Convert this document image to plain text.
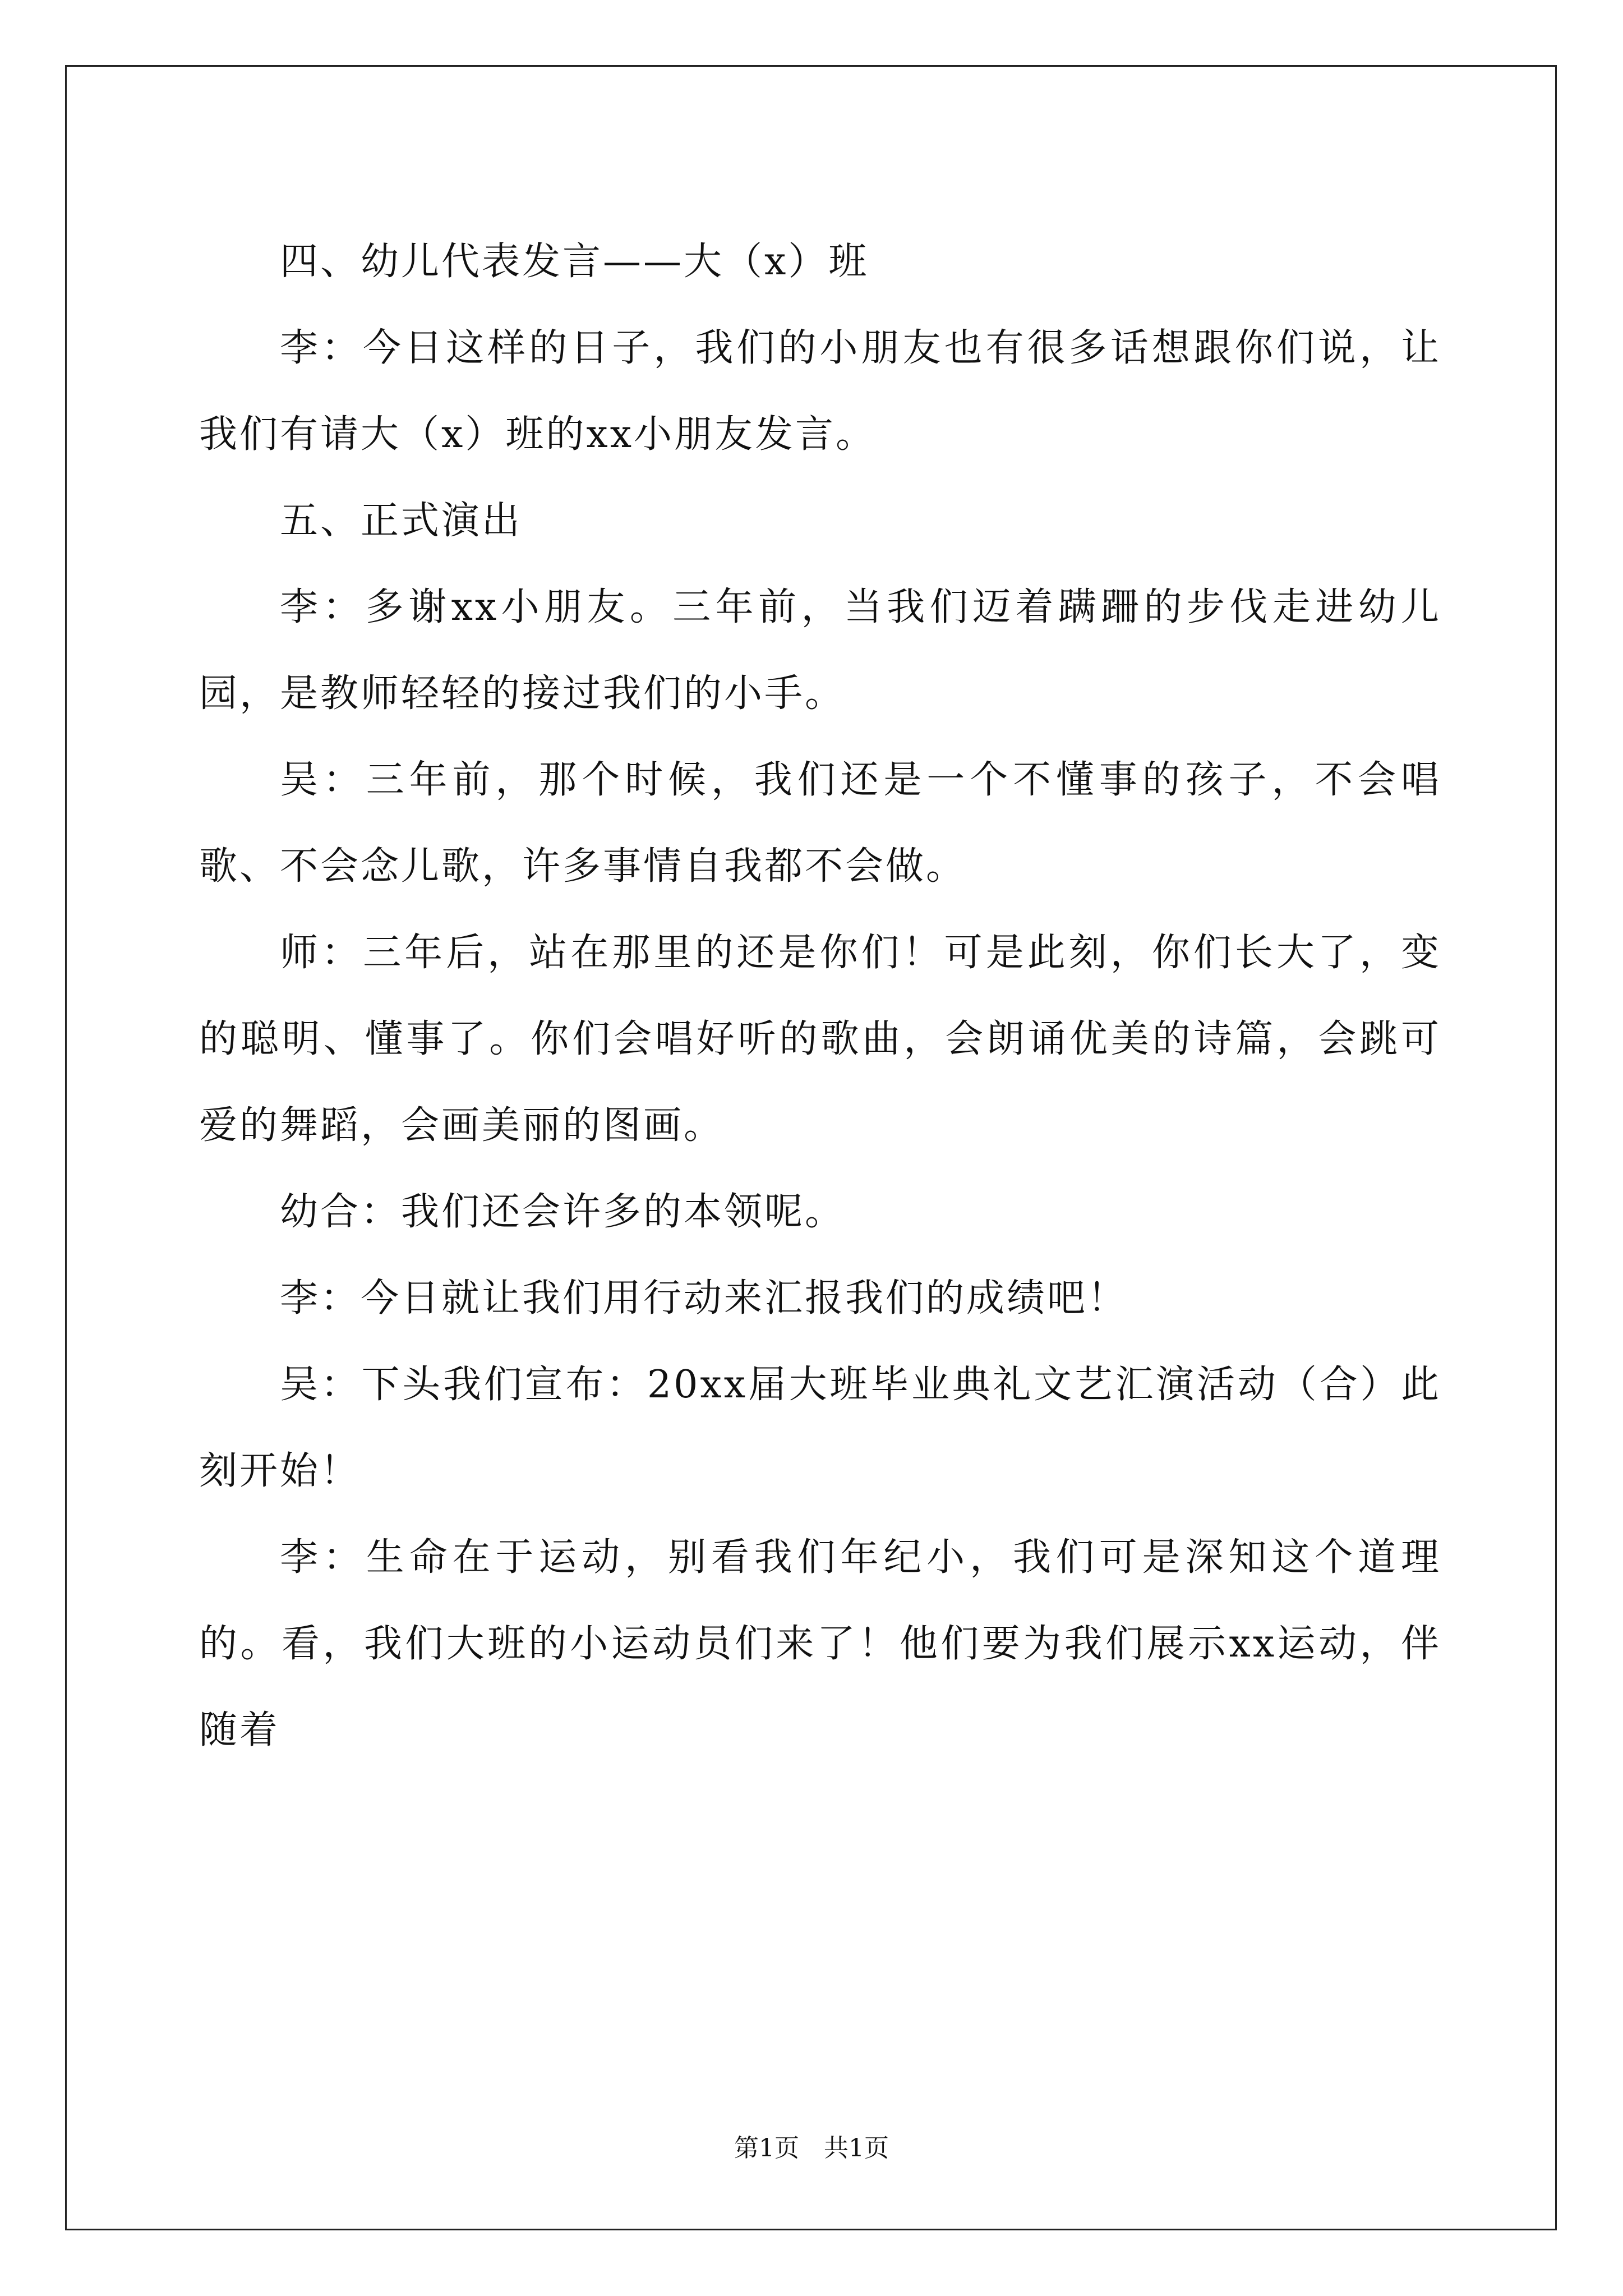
四、幼儿代表发言——大（x）班

李：今日这样的日子，我们的小朋友也有很多话想跟你们说，让我们有请大（x）班的xx小朋友发言。

五、正式演出

李：多谢xx小朋友。三年前，当我们迈着蹒跚的步伐走进幼儿园，是教师轻轻的接过我们的小手。

吴：三年前，那个时候，我们还是一个不懂事的孩子，不会唱歌、不会念儿歌，许多事情自我都不会做。

师：三年后，站在那里的还是你们！可是此刻，你们长大了，变的聪明、懂事了。你们会唱好听的歌曲，会朗诵优美的诗篇，会跳可爱的舞蹈，会画美丽的图画。

幼合：我们还会许多的本领呢。

李：今日就让我们用行动来汇报我们的成绩吧！

吴：下头我们宣布：20xx届大班毕业典礼文艺汇演活动（合）此刻开始！

李：生命在于运动，别看我们年纪小，我们可是深知这个道理的。看，我们大班的小运动员们来了！他们要为我们展示xx运动，伴随着

第1页　共1页
